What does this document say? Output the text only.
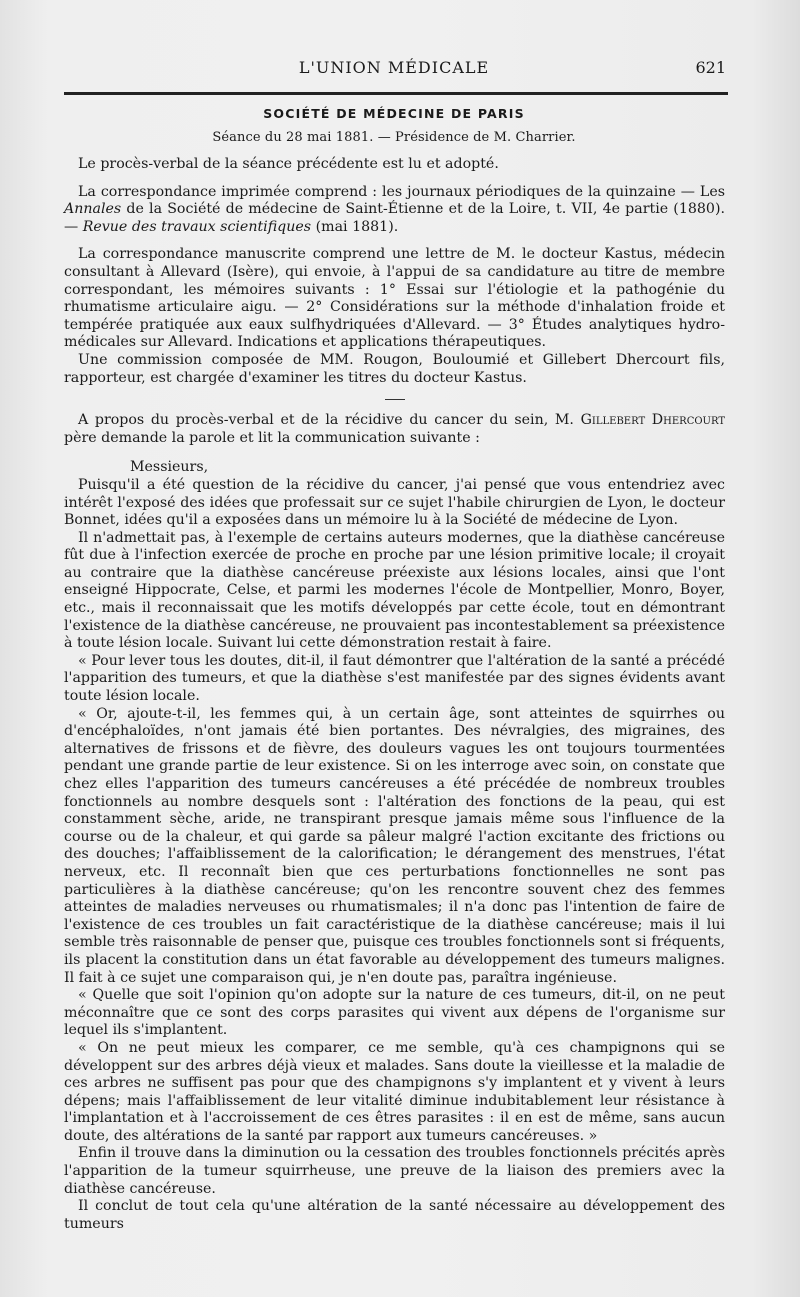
L'UNION MÉDICALE	621
SOCIÉTÉ DE MÉDECINE DE PARIS
Séance du 28 mai 1881. — Présidence de M. Charrier.

Le procès-verbal de la séance précédente est lu et adopté.

La correspondance imprimée comprend : les journaux périodiques de la quinzaine — Les Annales de la Société de médecine de Saint-Étienne et de la Loire, t. VII, 4e partie (1880).— Revue des travaux scientifiques (mai 1881).

La correspondance manuscrite comprend une lettre de M. le docteur Kastus, médecin consultant à Allevard (Isère), qui envoie, à l'appui de sa candidature au titre de membre correspondant, les mémoires suivants : 1° Essai sur l'étiologie et la pathogénie du rhumatisme articulaire aigu. — 2° Considérations sur la méthode d'inhalation froide et tempérée pratiquée aux eaux sulfhydriquées d'Allevard. — 3° Études analytiques hydro-médicales sur Allevard. Indications et applications thérapeutiques.

Une commission composée de MM. Rougon, Bouloumié et Gillebert Dhercourt fils, rapporteur, est chargée d'examiner les titres du docteur Kastus.

A propos du procès-verbal et de la récidive du cancer du sein, M. Gillebert Dhercourt père demande la parole et lit la communication suivante :

Messieurs,

Puisqu'il a été question de la récidive du cancer, j'ai pensé que vous entendriez avec intérêt l'exposé des idées que professait sur ce sujet l'habile chirurgien de Lyon, le docteur Bonnet, idées qu'il a exposées dans un mémoire lu à la Société de médecine de Lyon.

Il n'admettait pas, à l'exemple de certains auteurs modernes, que la diathèse cancéreuse fût due à l'infection exercée de proche en proche par une lésion primitive locale; il croyait au contraire que la diathèse cancéreuse préexiste aux lésions locales, ainsi que l'ont enseigné Hippocrate, Celse, et parmi les modernes l'école de Montpellier, Monro, Boyer, etc., mais il reconnaissait que les motifs développés par cette école, tout en démontrant l'existence de la diathèse cancéreuse, ne prouvaient pas incontestablement sa préexistence à toute lésion locale. Suivant lui cette démonstration restait à faire.

« Pour lever tous les doutes, dit-il, il faut démontrer que l'altération de la santé a précédé l'apparition des tumeurs, et que la diathèse s'est manifestée par des signes évidents avant toute lésion locale.

« Or, ajoute-t-il, les femmes qui, à un certain âge, sont atteintes de squirrhes ou d'encéphaloïdes, n'ont jamais été bien portantes. Des névralgies, des migraines, des alternatives de frissons et de fièvre, des douleurs vagues les ont toujours tourmentées pendant une grande partie de leur existence. Si on les interroge avec soin, on constate que chez elles l'apparition des tumeurs cancéreuses a été précédée de nombreux troubles fonctionnels au nombre desquels sont : l'altération des fonctions de la peau, qui est constamment sèche, aride, ne transpirant presque jamais même sous l'influence de la course ou de la chaleur, et qui garde sa pâleur malgré l'action excitante des frictions ou des douches; l'affaiblissement de la calorification; le dérangement des menstrues, l'état nerveux, etc. Il reconnaît bien que ces perturbations fonctionnelles ne sont pas particulières à la diathèse cancéreuse; qu'on les rencontre souvent chez des femmes atteintes de maladies nerveuses ou rhumatismales; il n'a donc pas l'intention de faire de l'existence de ces troubles un fait caractéristique de la diathèse cancéreuse; mais il lui semble très raisonnable de penser que, puisque ces troubles fonctionnels sont si fréquents, ils placent la constitution dans un état favorable au développement des tumeurs malignes. Il fait à ce sujet une comparaison qui, je n'en doute pas, paraîtra ingénieuse.

« Quelle que soit l'opinion qu'on adopte sur la nature de ces tumeurs, dit-il, on ne peut méconnaître que ce sont des corps parasites qui vivent aux dépens de l'organisme sur lequel ils s'implantent.

« On ne peut mieux les comparer, ce me semble, qu'à ces champignons qui se développent sur des arbres déjà vieux et malades. Sans doute la vieillesse et la maladie de ces arbres ne suffisent pas pour que des champignons s'y implantent et y vivent à leurs dépens; mais l'affaiblissement de leur vitalité diminue indubitablement leur résistance à l'implantation et à l'accroissement de ces êtres parasites : il en est de même, sans aucun doute, des altérations de la santé par rapport aux tumeurs cancéreuses. »

Enfin il trouve dans la diminution ou la cessation des troubles fonctionnels précités après l'apparition de la tumeur squirrheuse, une preuve de la liaison des premiers avec la diathèse cancéreuse.

Il conclut de tout cela qu'une altération de la santé nécessaire au développement des tumeurs
